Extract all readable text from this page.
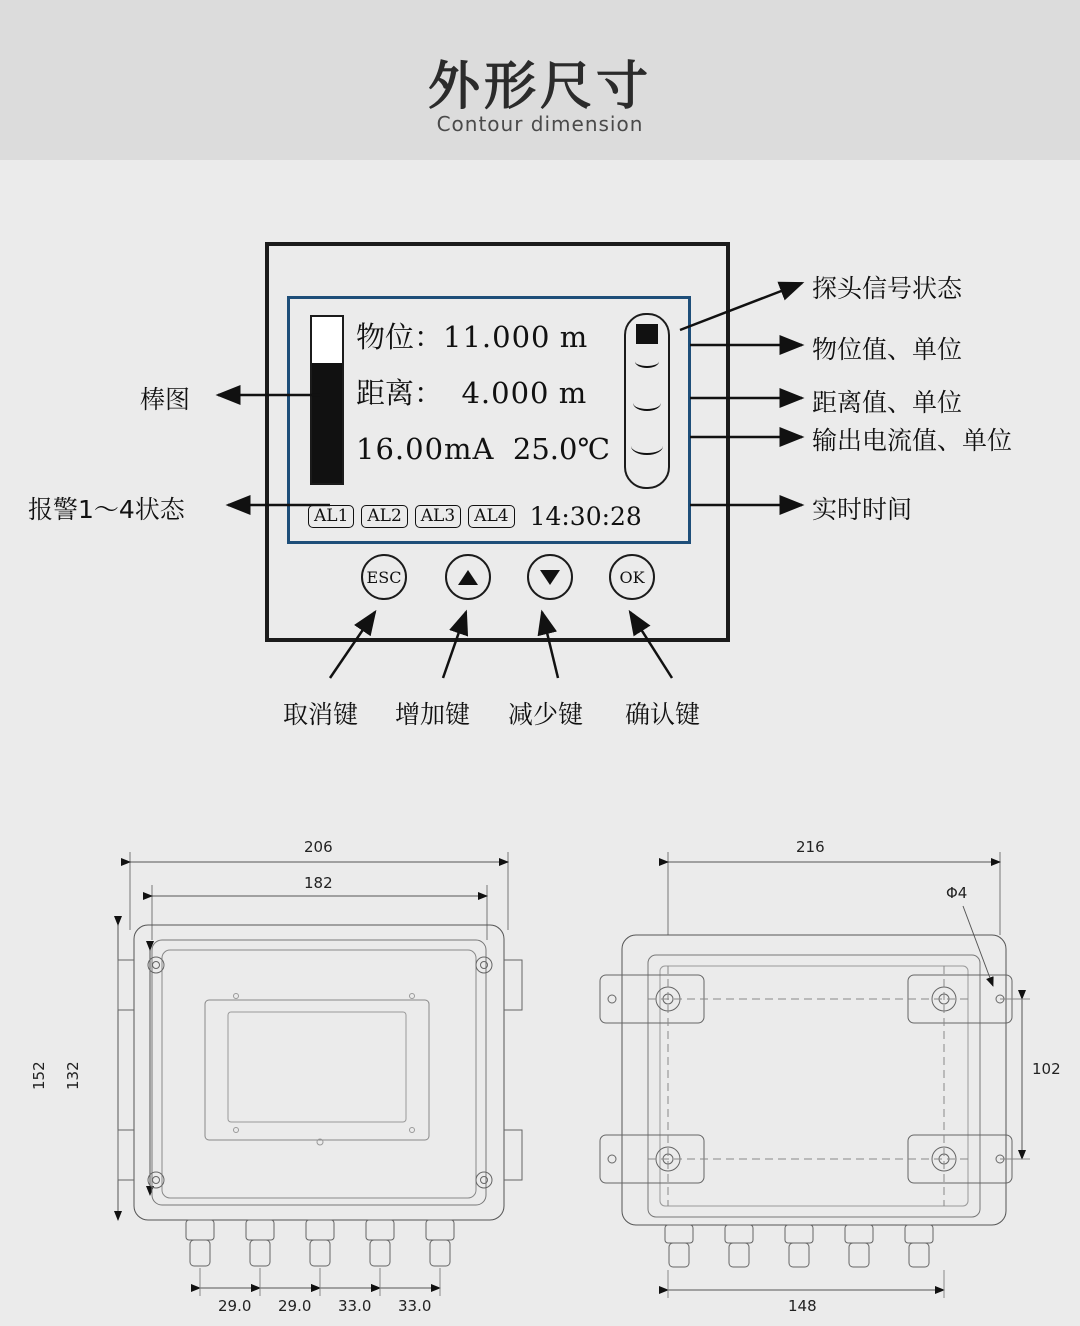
外形尺寸
Contour dimension
物位：11.000 m
距离： 4.000 m
16.00mA 25.0℃
AL1	AL2	AL3	AL4 14:30:28
ESC	OK
探头信号状态
物位值、单位
距离值、单位
输出电流值、单位
实时时间
棒图
报警1～4状态
取消键 增加键 减少键 确认键
206
182
152 132
29.0 29.0 33.0 33.0
216
Φ4
102
148
